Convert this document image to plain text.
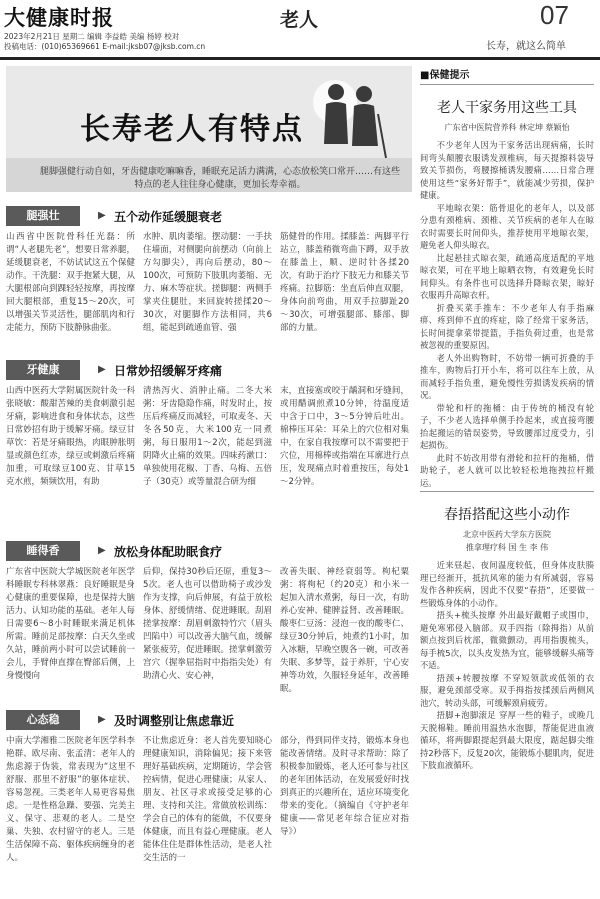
大健康时报	老人	07
2023年2月21日 星期二 编辑 李益皓 美编 杨婷 校对
投稿电话：(010)65369661 E-mail:jksb07@jksb.com.cn	长寿，就这么简单
长寿老人有特点
腿脚强健行动自如，牙齿健康吃嘛嘛香，睡眠充足活力满满，心态放松笑口常开……有这些特点的老人往往身心健康，更加长寿幸福。
腿强壮	▶ 五个动作延缓腿衰老
山西省中医院骨科任光磊：所谓“人老腿先老”，想要日常养腿，延缓腿衰老，不妨试试这五个保健动作。干洗腿：双手抱紧大腿，从大腿根部向到踝轻轻按摩，再按摩回大腿根部，重复15～20次，可以增强关节灵活性，腿部肌肉和行走能力，预防下肢静脉曲张。
水肿、肌肉萎缩。摆动腿：一手扶住墙面，对侧腿向前摆动（向前上方勾脚尖），再向后摆动，80～100次，可预防下肢肌肉萎缩、无力、麻木等症状。搓脚腿：两侧手掌夹住腿肚，来回旋转搓揉20～30次，对腿脚作方法相同，共6组，能起到疏通血管、强
筋健骨的作用。揉膝盖：两脚平行站立，膝盖稍微弯曲下蹲，双手放在膝盖上，顺、逆时针各揉20次，有助于治疗下肢无力和膝关节疼痛。拉脚筋：坐直后伸直双腿，身体向前弯曲，用双手拉脚趾20～30次，可增强腿部、膝部、脚部的力量。
牙健康	▶ 日常妙招缓解牙疼痛
山西中医药大学附属医院针灸一科张晓敏：酸甜苦辣的美食刺激引起牙痛，影响进食和身体状态，这些日常妙招有助于缓解牙痛。绿豆甘草饮：若是牙痛眼热，肉眼肿胀明显或颜色红赤，绿豆或刺激后疼痛加重，可取绿豆100克、甘草15克水煎，频频饮用，有助
清热泻火、消肿止痛。二冬大米粥：牙齿隐隐作痛，时发时止，按压后疼痛反而减轻，可取麦冬、天冬各50克，大米100克一同煮粥，每日服用1～2次，能起到滋阴降火止痛的效果。四味药漱口：单独使用花椒、丁香、乌梅、五倍子（30克）或等量混合研为细
末，直接塞或咬于龋洞和牙缝间，或用醋调煎煮10分钟，待温度适中含于口中，3～5分钟后吐出。棉棒压耳朵：耳朵上的穴位相对集中，在家自我按摩可以不需要把于穴位，用棉棒或指端在耳廓进行点压，发现痛点时着重按压，每处1～2分钟。
睡得香	▶ 放松身体配助眠食疗
广东省中医院大学城医院老年医学科睡眠专科林翠燕：良好睡眠是身心健康的重要保障，也是保持大脑活力、认知功能的基础。老年人每日需要6～8小时睡眠来满足机体所需。睡前足部按摩：白天久坐或久站，睡前两小时可以尝试睡前一会儿，手臂伸直撑在臀部后侧，上身慢慢向
后仰，保持30秒后还原，重复3～5次。老人也可以借助椅子或沙发作为支撑，向后伸展，有益于放松身体、舒缓情绪、促进睡眠。刮眉搓掌按摩：刮眉刺激特竹穴（眉头凹陷中）可以改善大脑气血，缓解紧张疲劳，促进睡眠。搓掌刺激劳宫穴（握拳屈指时中指指尖处）有助清心火、安心神，
改善失眠、神经衰弱等。枸杞粟粥：将枸杞（约20克）和小米一起加入清水煮粥，每日一次，有助养心安神、健脾益肾、改善睡眠。酸枣仁豆汤：浸泡一夜的酸枣仁、绿豆30分钟后，炖煮约1小时，加入冰糖，早晚空腹各一碗，可改善失眠、多梦等，益于养肝，宁心安神等功效，久服轻身延年，改善睡眠。
心态稳	▶ 及时调整别让焦虑靠近
中南大学湘雅二医院老年医学科李艳群、欧尽南、张孟清：老年人的焦虑源于伪装，常表现为“这里不舒服、那里不舒服”的躯体症状、容易忽视。三类老年人易更容易焦虑。一是性格急躁、要强、完美主义、保守、悲观的老人。二是空巢、失独、农村留守的老人。三是生活保障不高、躯体疾病缠身的老人。
不让焦虑近身：老人首先要知晓心理健康知识，消除偏见；接下来管理好基础疾病，定期随访，学会管控病情，促进心理健康；从家人、朋友、社区寻求或接受足够的心理、支持和关注。常做放松训练：学会自己的体有的能做，不仅要身体健康，而且有益心理健康。老人能体住住是群体性活动，是老人社交生活的一
部分，得到同伴支持，锻炼本身也能改善情绪。及时寻求帮助：除了积极参加锻炼，老人还可参与社区的老年团体活动，在发展爱好时找到真正的兴趣所在，适应环境变化带来的变化。（摘编自《守护老年健康——常见老年综合征应对指导》）
■保健提示
老人干家务用这些工具
广东省中医院营养科 林定坤 蔡颖怡

不少老年人因为干家务活出现病痛，长时间弯头颠腰衣服诱发颈椎病，每天提擦料袋导致关节损伤，弯腰擦桶诱发腰痛……日常合理使用这些“家务好帮手”，就能减少劳损，保护健康。

平地晾衣架：筋骨退化的老年人，以及部分患有颈椎病、颈椎、关节疾病的老年人在晾衣时需要长时间仰头，推荐使用平地晾衣架，避免老人仰头晾衣。

比起悬挂式晾衣架，疏通高度适配的平地晾衣架，可在平地上晾晒衣物，有效避免长时间仰头。有条件也可以选择升降晾衣架，晾好衣服再升高晾衣杆。

折叠买菜手推车：不少老年人有手指麻痹、疼到伸不直的疼症，除了经常干家务活，长时间提拿菜带提篮，手指负荷过重，也是常被忽视的重要原因。

老人外出购物时，不妨带一辆可折叠的手推车，购物后打开小车，将可以往车上放，从而减轻手指负重，避免慢性劳损诱发疾病的情况。

带轮和杆的拖桶：由于传统的桶没有轮子，不少老人选择单侧手拎起来，或直接弯腰抬起搬运的错误姿势，导致腰部过度受力，引起损伤。

此时不妨改用带有滑轮和拉杆的拖桶，借助轮子，老人就可以比较轻松地拖拽拉杆搬运。

春捂搭配这些小动作
北京中医药大学东方医院
推拿理疗科 国 生 李 伟

近来昼起、夜间温度较低，但身体皮肤腠理已经渐开，抵抗风寒的能力有所减弱，容易发作各种疾病，因此不仅要“春捂”，还要做一些锻炼身体的小动作。

捂头+梳头按摩 外出最好戴帽子或围巾，避免寒邪侵入脑部。双手四指（除拇指）从前额点按到后枕部，微微颤动，再用指腹梳头，每手梳5次，以头皮发热为宜，能够缓解头痛等不适。

捂颈+转腰按摩 不穿短领款或低领的衣服，避免颈部受寒。双手拇指按揉颈后两侧风池穴，转动头部，可缓解颈肩疲劳。

捂脚+泡脚滚足 穿厚一些的鞋子，或晚几天脱棉鞋。睡前用温热水泡脚，帮能促进血液循环，将两脚跟提起到最大限度，踮起脚尖维持2秒落下，反复20次，能锻炼小腿肌肉，促进下肢血液循环。
